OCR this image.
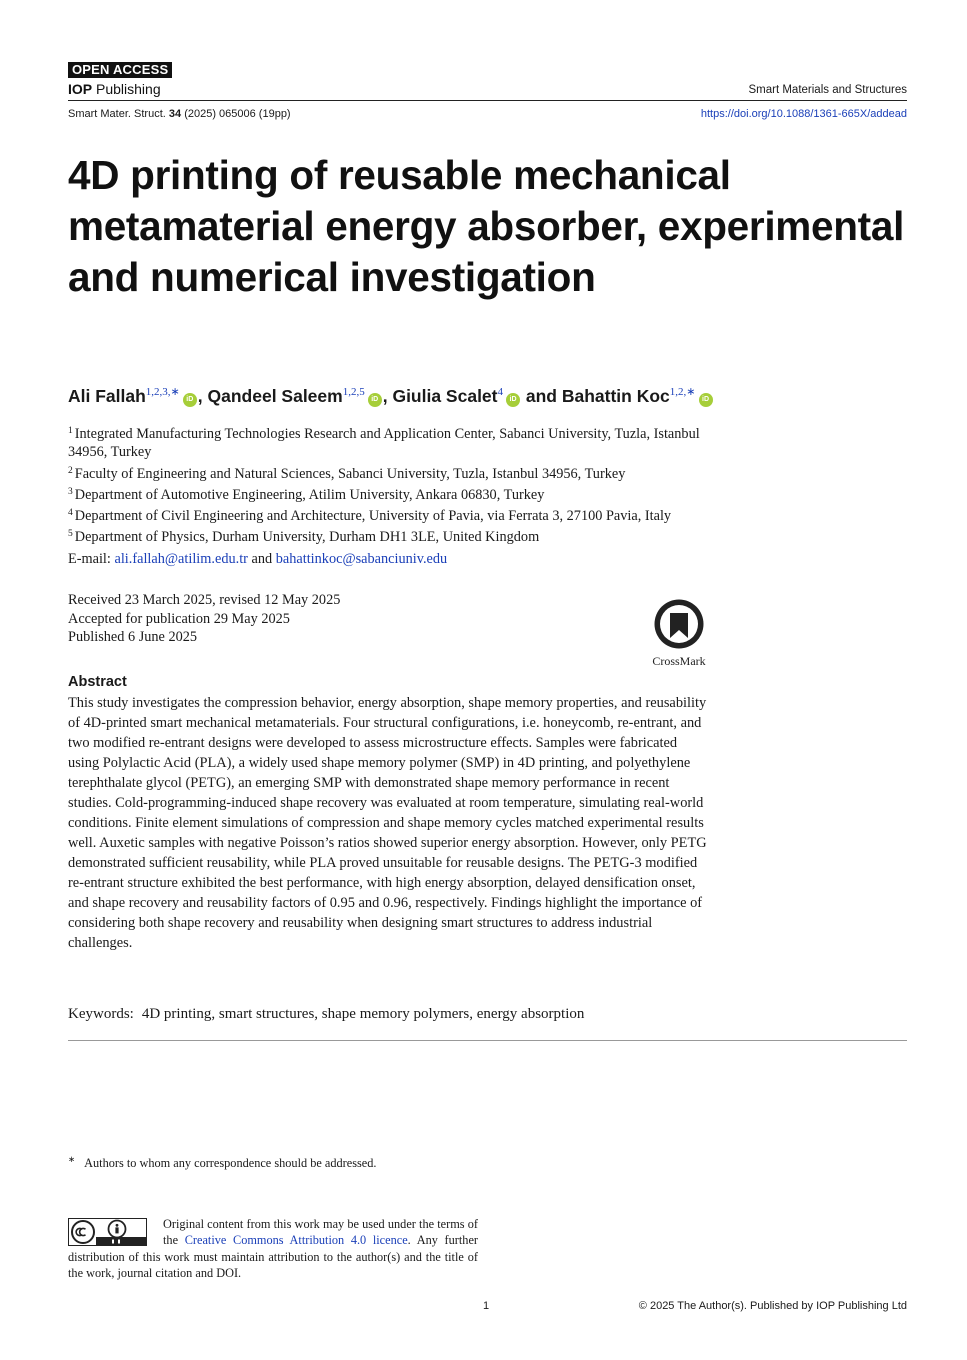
OPEN ACCESS
IOP Publishing	Smart Materials and Structures
Smart Mater. Struct. 34 (2025) 065006 (19pp)	https://doi.org/10.1088/1361-665X/addead
4D printing of reusable mechanical metamaterial energy absorber, experimental and numerical investigation
Ali Fallah$^{1,2,3,∗}$iD , Qandeel Saleem$^{1,2,5}$iD , Giulia Scalet$^4$iD and Bahattin Koc$^{1,2,∗}$iD

$^1$ Integrated Manufacturing Technologies Research and Application Center, Sabanci University, Tuzla, Istanbul 34956, Turkey

$^2$ Faculty of Engineering and Natural Sciences, Sabanci University, Tuzla, Istanbul 34956, Turkey

$^3$ Department of Automotive Engineering, Atilim University, Ankara 06830, Turkey

$^4$ Department of Civil Engineering and Architecture, University of Pavia, via Ferrata 3, 27100 Pavia, Italy

$^5$ Department of Physics, Durham University, Durham DH1 3LE, United Kingdom

E-mail: ali.fallah@atilim.edu.tr and bahattinkoc@sabanciuniv.edu
Received 23 March 2025, revised 12 May 2025
Accepted for publication 29 May 2025
Published 6 June 2025
CrossMark
Abstract

This study investigates the compression behavior, energy absorption, shape memory properties, and reusability of 4D-printed smart mechanical metamaterials. Four structural configurations, i.e. honeycomb, re-entrant, and two modified re-entrant designs were developed to assess microstructure effects. Samples were fabricated using Polylactic Acid (PLA), a widely used shape memory polymer (SMP) in 4D printing, and polyethylene terephthalate glycol (PETG), an emerging SMP with demonstrated shape memory performance in recent studies. Cold-programming-induced shape recovery was evaluated at room temperature, simulating real-world conditions. Finite element simulations of compression and shape memory cycles matched experimental results well. Auxetic samples with negative Poisson’s ratios showed superior energy absorption. However, only PETG demonstrated sufficient reusability, while PLA proved unsuitable for reusable designs. The PETG-3 modified re-entrant structure exhibited the best performance, with high energy absorption, delayed densification onset, and shape recovery and reusability factors of 0.95 and 0.96, respectively. Findings highlight the importance of considering both shape recovery and reusability when designing smart structures to address industrial challenges.

Keywords: 4D printing, smart structures, shape memory polymers, energy absorption
∗ Authors to whom any correspondence should be addressed.
Original content from this work may be used under the terms of the Creative Commons Attribution 4.0 licence. Any further distribution of this work must maintain attribution to the author(s) and the title of the work, journal citation and DOI.
1	© 2025 The Author(s). Published by IOP Publishing Ltd
